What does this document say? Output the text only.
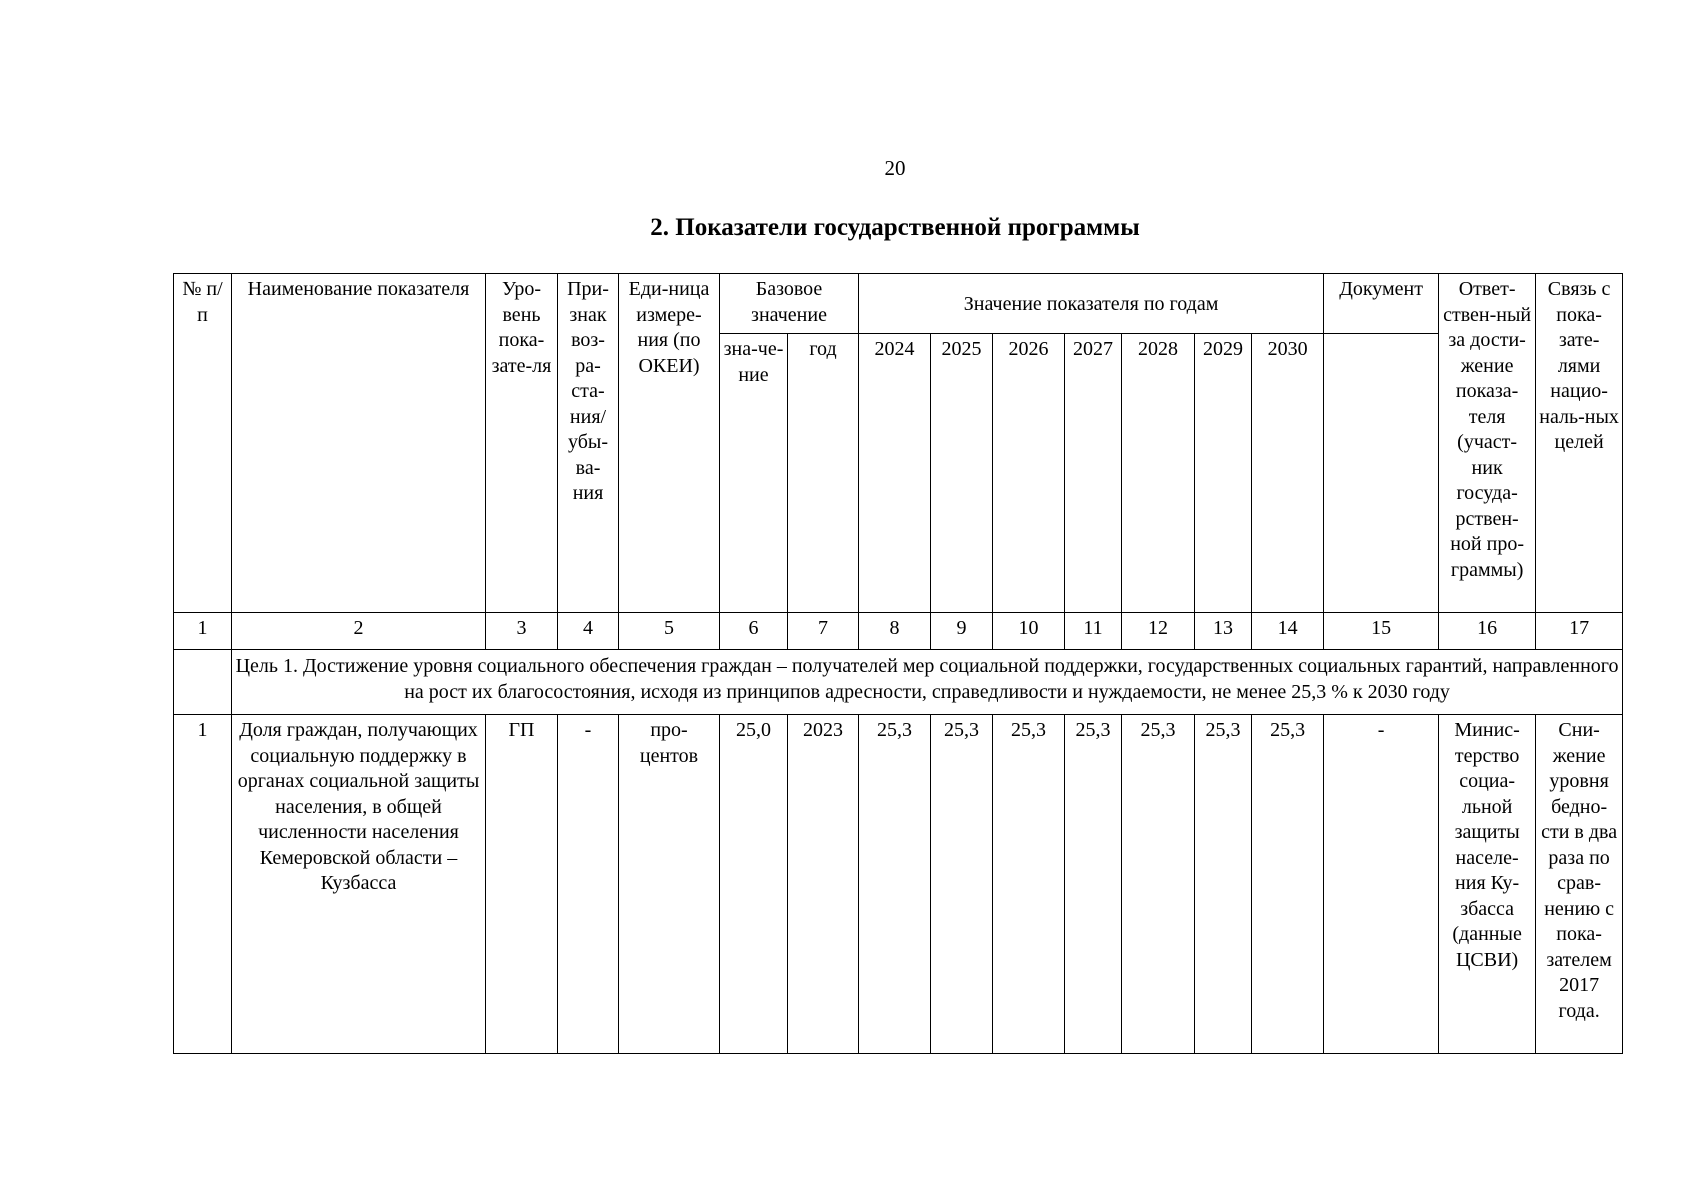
20
2. Показатели государственной программы
№ п/п	Наименование показателя	Уро-вень пока-зате-ля	При-знак воз-ра-ста-ния/ убы-ва-ния	Еди-ница измере-ния (по ОКЕИ)	Базовое значение		Значение показателя по годам							Документ	Ответ-ствен-ный за дости-жение показа-теля (участ-ник госуда-рствен-ной про-граммы)	Связь с пока-зате-лями нацио-наль-ных целей
					зна-че-ние	год	2024	2025	2026	2027	2028	2029	2030			
1	2	3	4	5	6	7	8	9	10	11	12	13	14	15	16	17
	Цель 1. Достижение уровня социального обеспечения граждан – получателей мер социальной поддержки, государственных социальных гарантий, направленного на рост их благосостояния, исходя из принципов адресности, справедливости и нуждаемости, не менее 25,3 % к 2030 году															
1	Доля граждан, получающих социальную поддержку в органах социальной защиты населения, в общей численности населения Кемеровской области – Кузбасса	ГП	-	про-центов	25,0	2023	25,3	25,3	25,3	25,3	25,3	25,3	25,3	-	Минис-терство социа-льной защиты населе-ния Ку-збасса (данные ЦСВИ)	Сни-жение уровня бедно-сти в два раза по срав-нению с пока-зателем 2017 года.
